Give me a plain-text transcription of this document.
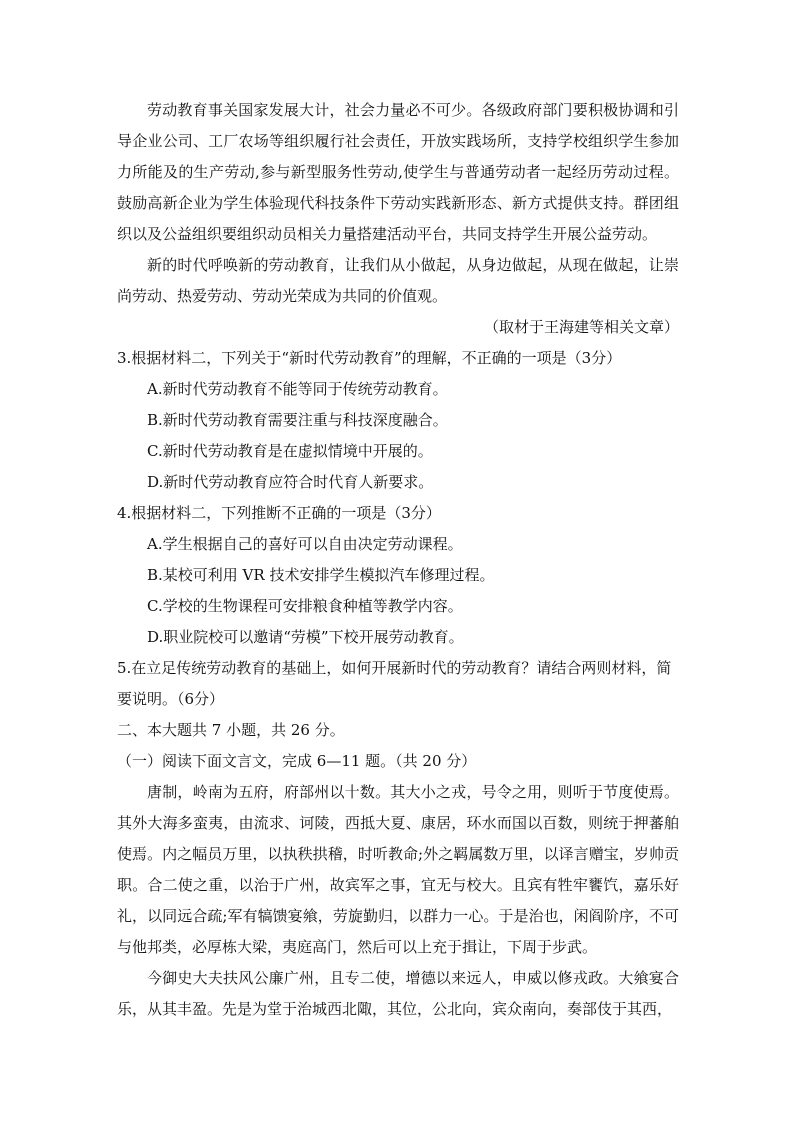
劳动教育事关国家发展大计，社会力量必不可少。各级政府部门要积极协调和引导企业公司、工厂农场等组织履行社会责任，开放实践场所，支持学校组织学生参加力所能及的生产劳动,参与新型服务性劳动,使学生与普通劳动者一起经历劳动过程。鼓励高新企业为学生体验现代科技条件下劳动实践新形态、新方式提供支持。群团组织以及公益组织要组织动员相关力量搭建活动平台，共同支持学生开展公益劳动。

新的时代呼唤新的劳动教育，让我们从小做起，从身边做起，从现在做起，让崇尚劳动、热爱劳动、劳动光荣成为共同的价值观。

（取材于王海建等相关文章）

3.根据材料二，下列关于“新时代劳动教育”的理解，不正确的一项是（3分）

A.新时代劳动教育不能等同于传统劳动教育。

B.新时代劳动教育需要注重与科技深度融合。

C.新时代劳动教育是在虚拟情境中开展的。

D.新时代劳动教育应符合时代育人新要求。

4.根据材料二，下列推断不正确的一项是（3分）

A.学生根据自己的喜好可以自由决定劳动课程。

B.某校可利用 VR 技术安排学生模拟汽车修理过程。

C.学校的生物课程可安排粮食种植等教学内容。

D.职业院校可以邀请“劳模”下校开展劳动教育。

5.在立足传统劳动教育的基础上，如何开展新时代的劳动教育？请结合两则材料，简要说明。（6分）

二、本大题共 7 小题，共 26 分。

（一）阅读下面文言文，完成 6—11 题。（共 20 分）

唐制，岭南为五府，府部州以十数。其大小之戎，号令之用，则听于节度使焉。其外大海多蛮夷，由流求、诃陵，西抵大夏、康居，环水而国以百数，则统于押蕃舶使焉。内之幅员万里，以执秩拱稽，时听教命;外之羁属数万里，以译言赠宝，岁帅贡职。合二使之重，以治于广州，故宾军之事，宜无与校大。且宾有牲牢饔饩，嘉乐好礼，以同远合疏;军有犒馈宴飨，劳旋勤归，以群力一心。于是治也，闲阎阶序，不可与他邦类，必厚栋大梁，夷庭高门，然后可以上充于揖让，下周于步武。

今御史大夫扶风公廉广州，且专二使，增德以来远人，申威以修戎政。大飨宴合乐，从其丰盈。先是为堂于治城西北陬，其位，公北向，宾众南向，奏部伎于其西，
